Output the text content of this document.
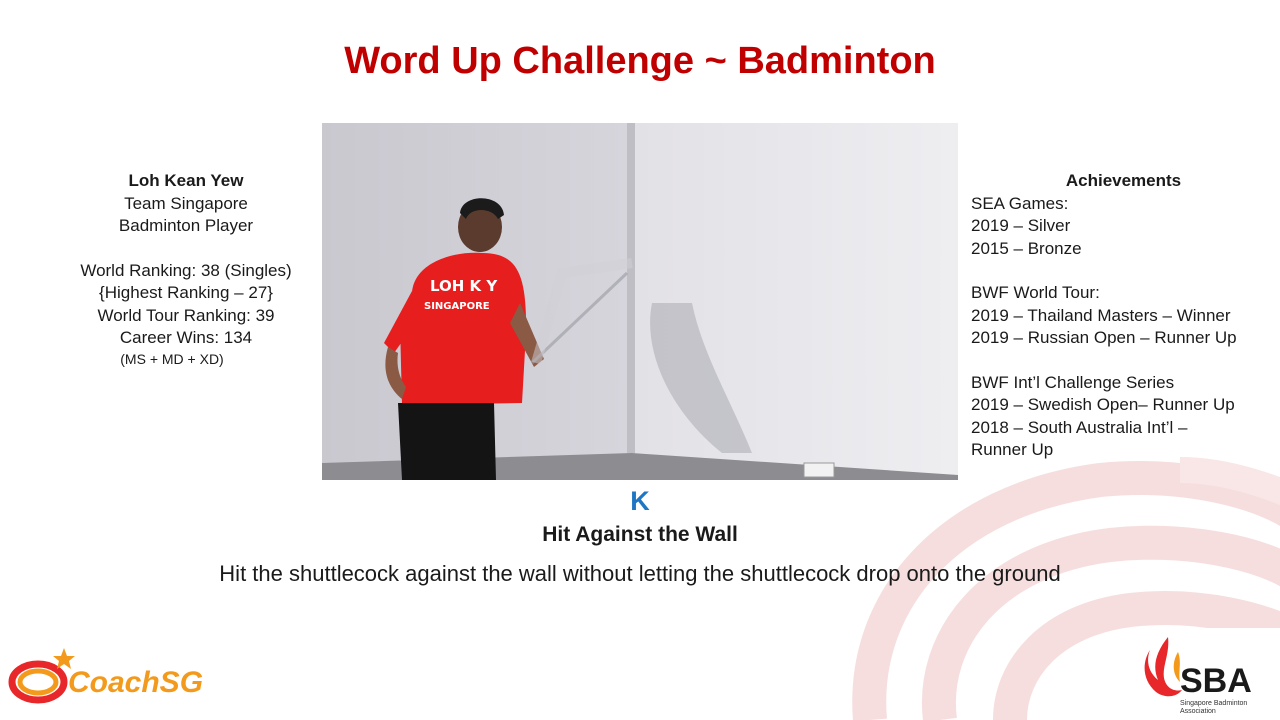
Word Up Challenge ~ Badminton
LOH K Y
SINGAPORE
Loh Kean Yew
Team Singapore
Badminton Player
World Ranking: 38 (Singles)
{Highest Ranking – 27}
World Tour Ranking: 39
Career Wins: 134
(MS + MD + XD)
Achievements
SEA Games:
2019 – Silver
2015 – Bronze
BWF World Tour:
2019 – Thailand Masters – Winner
2019 – Russian Open – Runner Up
BWF Int’l Challenge Series
2019 – Swedish Open– Runner Up
2018 – South Australia Int’l –
Runner Up
K
Hit Against the Wall
Hit the shuttlecock against the wall without letting the shuttlecock drop onto the ground
CoachSG	SBA
Singapore Badminton Association
